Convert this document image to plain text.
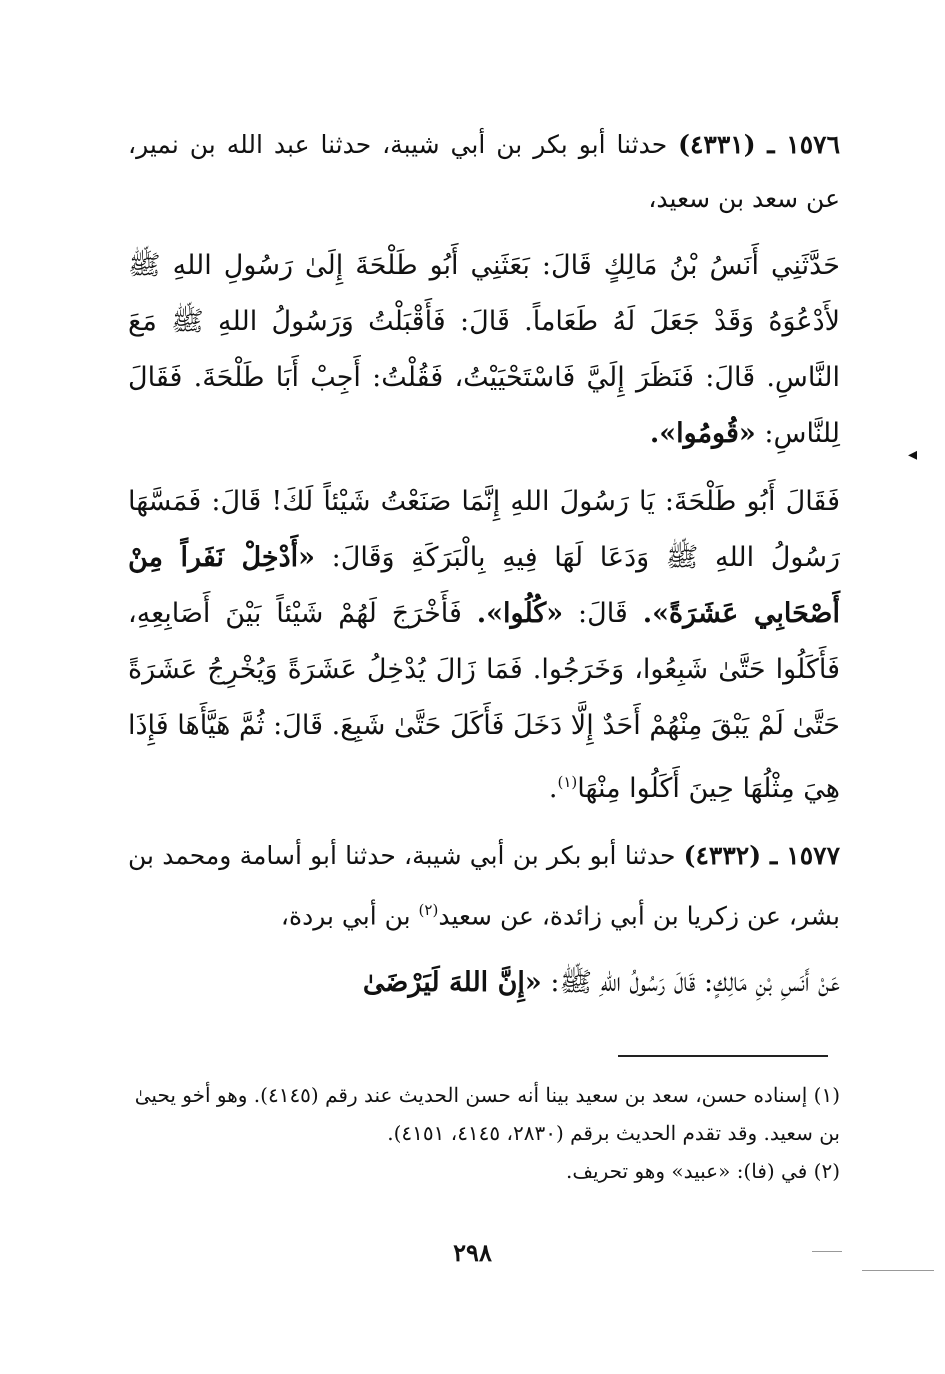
١٥٧٦ ـ (٤٣٣١) حدثنا أبو بكر بن أبي شيبة، حدثنا عبد الله بن نمير، عن سعد بن سعيد،

حَدَّثَنِي أَنَسُ بْنُ مَالِكٍ قَالَ: بَعَثَنِي أَبُو طَلْحَةَ إِلَىٰ رَسُولِ اللهِ ﷺ لأَدْعُوَهُ وَقَدْ جَعَلَ لَهُ طَعَاماً. قَالَ: فَأَقْبَلْتُ وَرَسُولُ اللهِ ﷺ مَعَ النَّاسِ. قَالَ: فَنَظَرَ إِلَيَّ فَاسْتَحْيَيْتُ، فَقُلْتُ: أَجِبْ أَبَا طَلْحَةَ. فَقَالَ لِلنَّاسِ: «قُومُوا».

فَقَالَ أَبُو طَلْحَةَ: يَا رَسُولَ اللهِ إِنَّمَا صَنَعْتُ شَيْئاً لَكَ! قَالَ: فَمَسَّهَا رَسُولُ اللهِ ﷺ وَدَعَا لَهَا فِيهِ بِالْبَرَكَةِ وَقَالَ: «أَدْخِلْ نَفَراً مِنْ أَصْحَابِي عَشَرَةً». قَالَ: «كُلُوا». فَأَخْرَجَ لَهُمْ شَيْئاً بَيْنَ أَصَابِعِهِ، فَأَكَلُوا حَتَّىٰ شَبِعُوا، وَخَرَجُوا. فَمَا زَالَ يُدْخِلُ عَشَرَةً وَيُخْرِجُ عَشَرَةً حَتَّىٰ لَمْ يَبْقَ مِنْهُمْ أَحَدٌ إِلَّا دَخَلَ فَأَكَلَ حَتَّىٰ شَبِعَ. قَالَ: ثُمَّ هَيَّأَهَا فَإِذَا هِيَ مِثْلُهَا حِينَ أَكَلُوا مِنْهَا$^{(١)}$.

١٥٧٧ ـ (٤٣٣٢) حدثنا أبو بكر بن أبي شيبة، حدثنا أبو أسامة ومحمد بن بشر، عن زكريا بن أبي زائدة، عن سعيد$^{(٢)}$ بن أبي بردة،

عَنْ أَنَسِ بْنِ مَالِكٍ: قَالَ رَسُولُ اللهِ ﷺ: «إِنَّ اللهَ لَيَرْضَىٰ

◂

(١) إسناده حسن، سعد بن سعيد بينا أنه حسن الحديث عند رقم (٤١٤٥). وهو أخو يحيىٰ بن سعيد. وقد تقدم الحديث برقم (٢٨٣٠، ٤١٤٥، ٤١٥١).

(٢) في (فا): «عبيد» وهو تحريف.

٢٩٨
